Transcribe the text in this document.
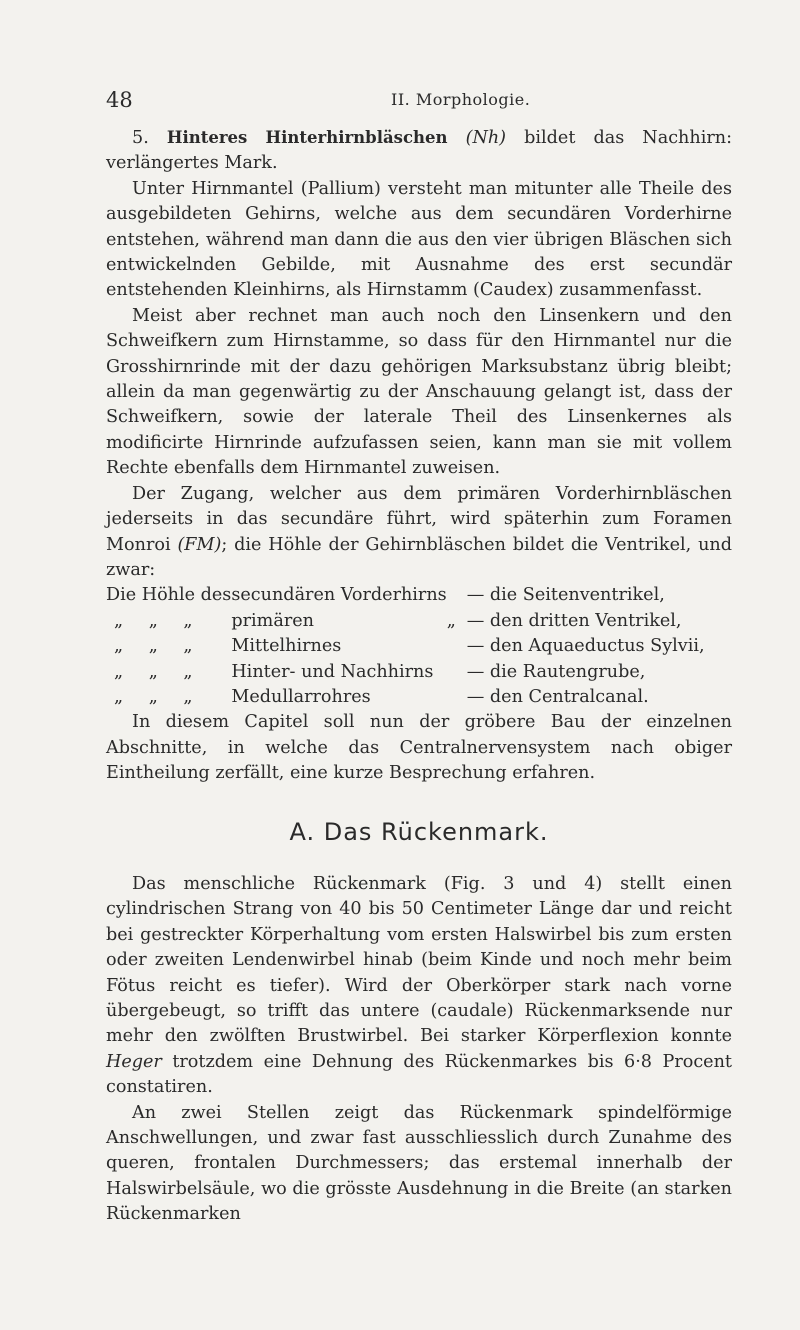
48	II. Morphologie.

5. Hinteres Hinterhirnbläschen (Nh) bildet das Nachhirn: verlängertes Mark.

Unter Hirnmantel (Pallium) versteht man mitunter alle Theile des ausgebildeten Gehirns, welche aus dem secundären Vorderhirne entstehen, während man dann die aus den vier übrigen Bläschen sich entwickelnden Gebilde, mit Ausnahme des erst secundär entstehenden Kleinhirns, als Hirnstamm (Caudex) zusammenfasst.

Meist aber rechnet man auch noch den Linsenkern und den Schweifkern zum Hirnstamme, so dass für den Hirnmantel nur die Grosshirnrinde mit der dazu gehörigen Marksubstanz übrig bleibt; allein da man gegenwärtig zu der Anschauung gelangt ist, dass der Schweifkern, sowie der laterale Theil des Linsenkernes als modificirte Hirnrinde aufzufassen seien, kann man sie mit vollem Rechte ebenfalls dem Hirnmantel zuweisen.

Der Zugang, welcher aus dem primären Vorderhirnbläschen jederseits in das secundäre führt, wird späterhin zum Foramen Monroi (FM); die Höhle der Gehirnbläschen bildet die Ventrikel, und zwar:

Die Höhle des	secundären Vorderhirns		— die Seitenventrikel,
„ „ „	primären	„	— den dritten Ventrikel,
„ „ „	Mittelhirnes		— den Aquaeductus Sylvii,
„ „ „	Hinter- und Nachhirns		— die Rautengrube,
„ „ „	Medullarrohres		— den Centralcanal.

In diesem Capitel soll nun der gröbere Bau der einzelnen Abschnitte, in welche das Centralnervensystem nach obiger Eintheilung zerfällt, eine kurze Besprechung erfahren.

A. Das Rückenmark.

Das menschliche Rückenmark (Fig. 3 und 4) stellt einen cylindrischen Strang von 40 bis 50 Centimeter Länge dar und reicht bei gestreckter Körperhaltung vom ersten Halswirbel bis zum ersten oder zweiten Lendenwirbel hinab (beim Kinde und noch mehr beim Fötus reicht es tiefer). Wird der Oberkörper stark nach vorne übergebeugt, so trifft das untere (caudale) Rückenmarksende nur mehr den zwölften Brustwirbel. Bei starker Körperflexion konnte Heger trotzdem eine Dehnung des Rückenmarkes bis 6·8 Procent constatiren.

An zwei Stellen zeigt das Rückenmark spindelförmige Anschwellungen, und zwar fast ausschliesslich durch Zunahme des queren, frontalen Durchmessers; das erstemal innerhalb der Halswirbelsäule, wo die grösste Ausdehnung in die Breite (an starken Rückenmarken
